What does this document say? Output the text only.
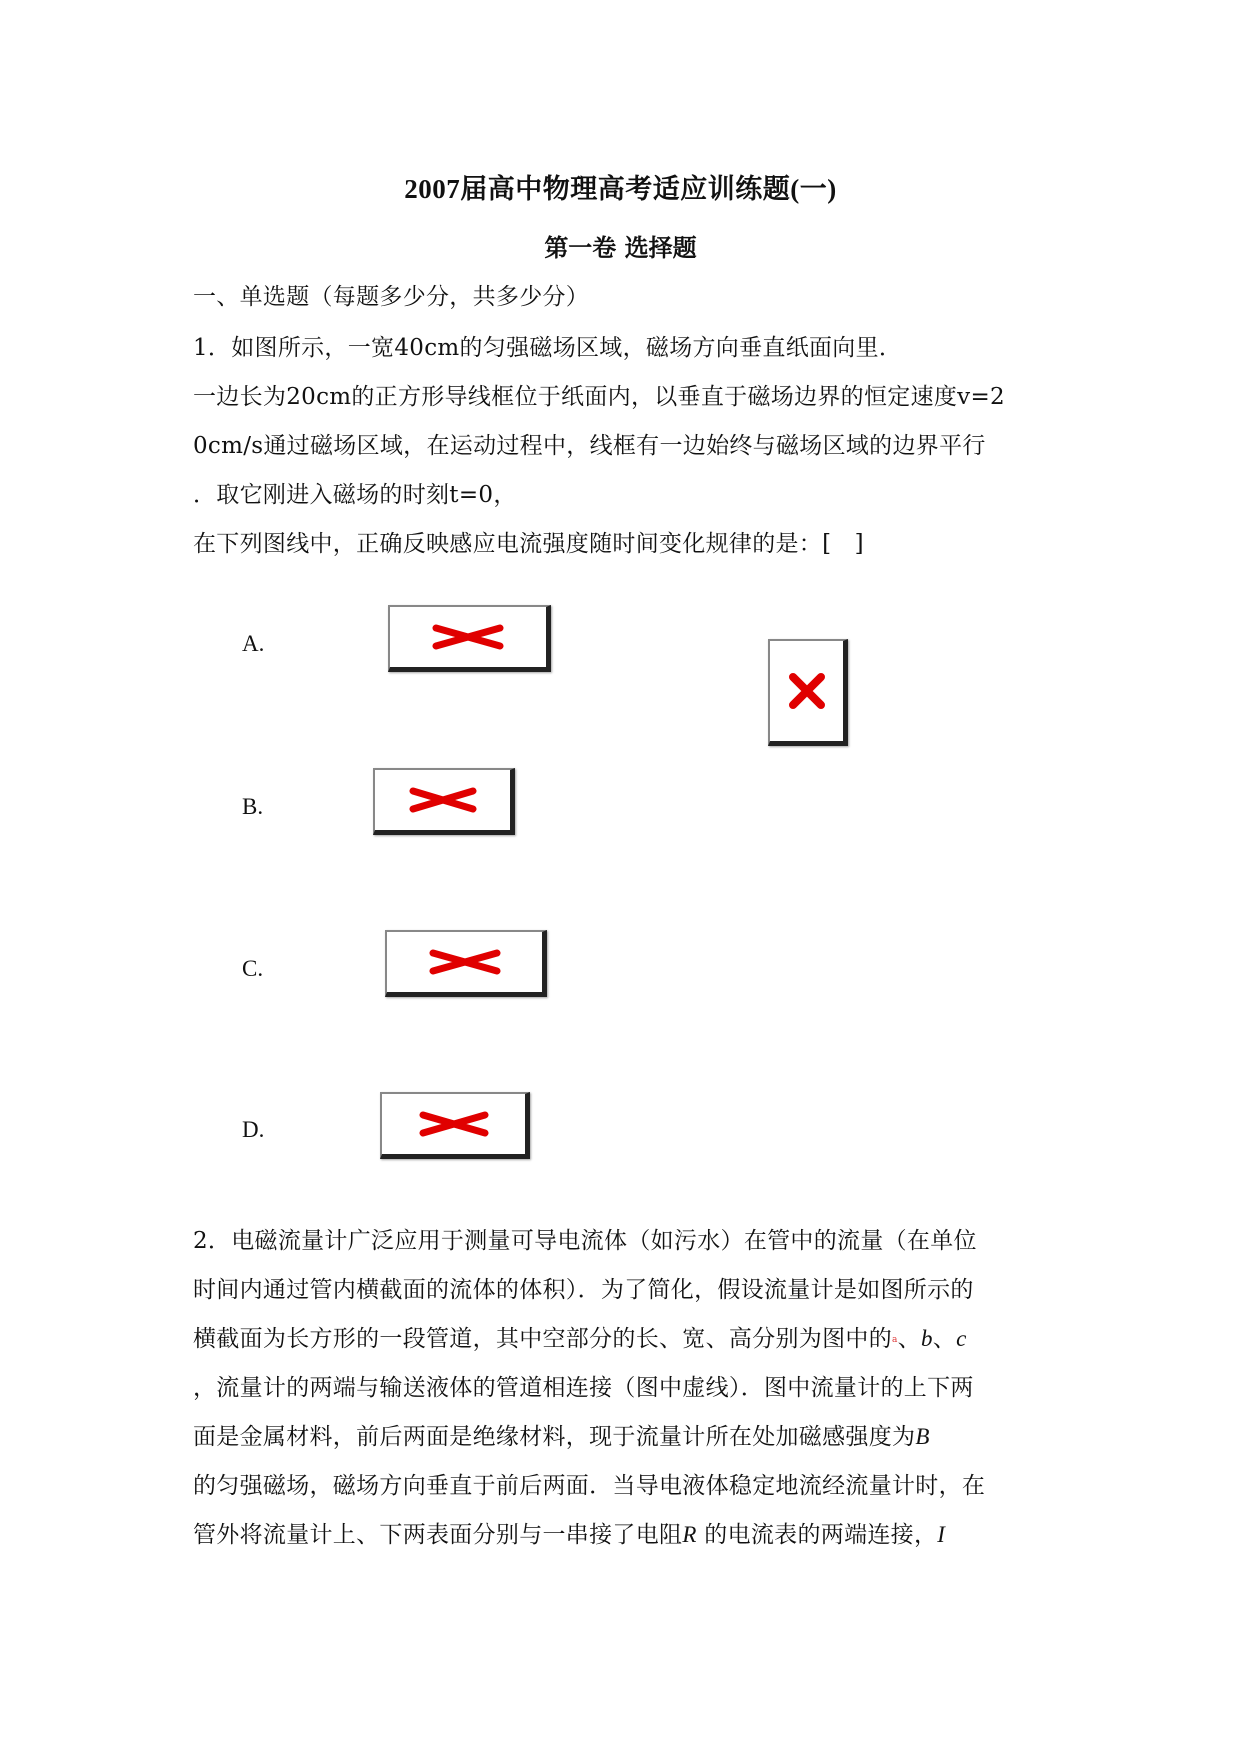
2007届高中物理高考适应训练题(一)
第一卷 选择题
一、单选题（每题多少分，共多少分）
1．如图所示，一宽40cm的匀强磁场区域，磁场方向垂直纸面向里．
一边长为20cm的正方形导线框位于纸面内，以垂直于磁场边界的恒定速度v=2
0cm/s通过磁场区域，在运动过程中，线框有一边始终与磁场区域的边界平行
．取它刚进入磁场的时刻t=0，
在下列图线中，正确反映感应电流强度随时间变化规律的是：[　]
A.
B.
C.
D.
2．电磁流量计广泛应用于测量可导电流体（如污水）在管中的流量（在单位
时间内通过管内横截面的流体的体积）．为了简化，假设流量计是如图所示的
横截面为长方形的一段管道，其中空部分的长、宽、高分别为图中的a、b、c
，流量计的两端与输送液体的管道相连接（图中虚线）．图中流量计的上下两
面是金属材料，前后两面是绝缘材料，现于流量计所在处加磁感强度为B
的匀强磁场，磁场方向垂直于前后两面．当导电液体稳定地流经流量计时，在
管外将流量计上、下两表面分别与一串接了电阻R 的电流表的两端连接，I
